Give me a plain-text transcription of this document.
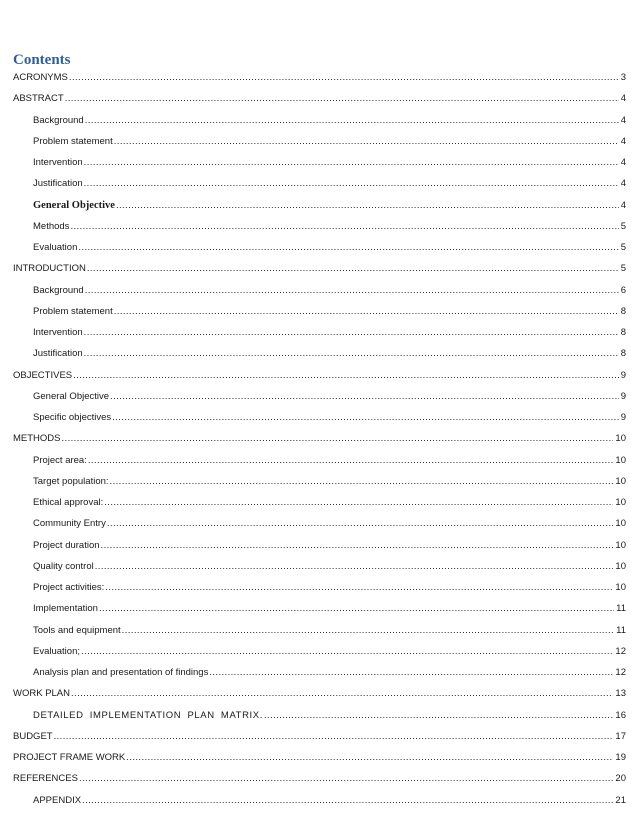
Contents
ACRONYMS .....	3
ABSTRACT .....	4
Background .....	4
Problem statement .....	4
Intervention .....	4
Justification .....	4
General Objective .....	4
Methods .....	5
Evaluation .....	5
INTRODUCTION .....	5
Background .....	6
Problem statement .....	8
Intervention .....	8
Justification .....	8
OBJECTIVES .....	9
General Objective .....	9
Specific objectives .....	9
METHODS .....	10
Project area: .....	10
Target population: .....	10
Ethical approval: .....	10
Community Entry .....	10
Project duration .....	10
Quality control .....	10
Project activities: .....	10
Implementation .....	11
Tools and equipment .....	11
Evaluation; .....	12
Analysis plan and presentation of findings .....	12
WORK PLAN .....	13
DETAILED IMPLEMENTATION PLAN MATRIX. .....	16
BUDGET .....	17
PROJECT FRAME WORK .....	19
REFERENCES .....	20
APPENDIX .....	21
